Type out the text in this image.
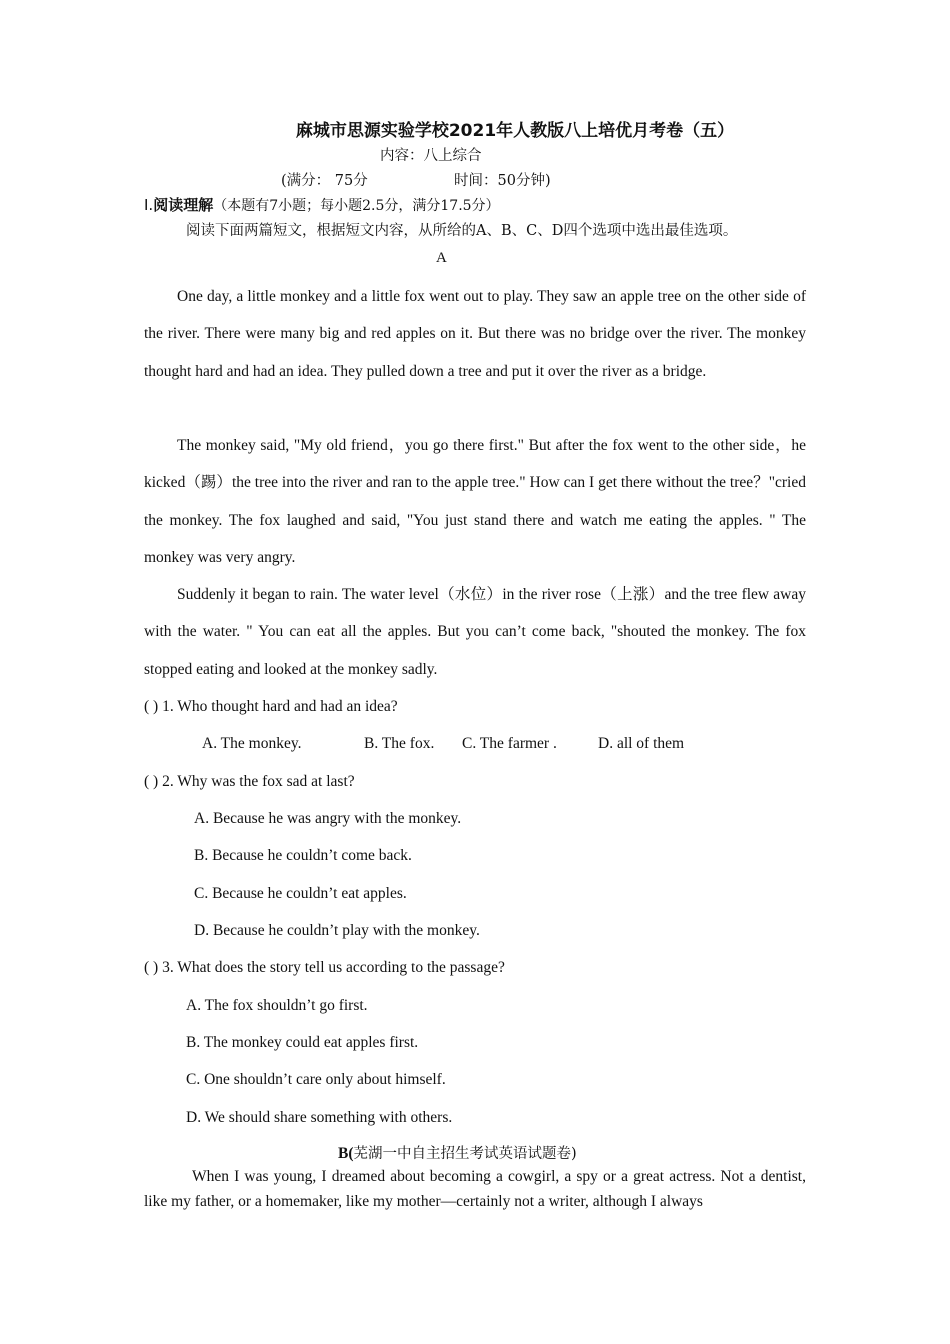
麻城市思源实验学校2021年人教版八上培优月考卷（五）
内容：八上综合
(满分： 75分	时间：50分钟)
Ⅰ.阅读理解（本题有7小题；每小题2.5分，满分17.5分）
阅读下面两篇短文，根据短文内容，从所给的A、B、C、D四个选项中选出最佳选项。
A
One day, a little monkey and a little fox went out to play. They saw an apple tree on the other side of the river. There were many big and red apples on it. But there was no bridge over the river. The monkey thought hard and had an idea. They pulled down a tree and put it over the river as a bridge.
The monkey said, "My old friend，you go there first." But after the fox went to the other side，he kicked（踢）the tree into the river and ran to the apple tree." How can I get there without the tree？"cried the monkey. The fox laughed and said, "You just stand there and watch me eating the apples. " The monkey was very angry.
Suddenly it began to rain. The water level（水位）in the river rose（上涨）and the tree flew away with the water. " You can eat all the apples. But you can’t come back, "shouted the monkey. The fox stopped eating and looked at the monkey sadly.
( ) 1. Who thought hard and had an idea?
A. The monkey.	B. The fox. C. The farmer .	D. all of them
( ) 2. Why was the fox sad at last?
A. Because he was angry with the monkey.
B. Because he couldn’t come back.
C. Because he couldn’t eat apples.
D. Because he couldn’t play with the monkey.
( ) 3. What does the story tell us according to the passage?
A. The fox shouldn’t go first.
B. The monkey could eat apples first.
C. One shouldn’t care only about himself.
D. We should share something with others.
B(芜湖一中自主招生考试英语试题卷)
When I was young, I dreamed about becoming a cowgirl, a spy or a great actress. Not a dentist, like my father, or a homemaker, like my mother—certainly not a writer, although I always
